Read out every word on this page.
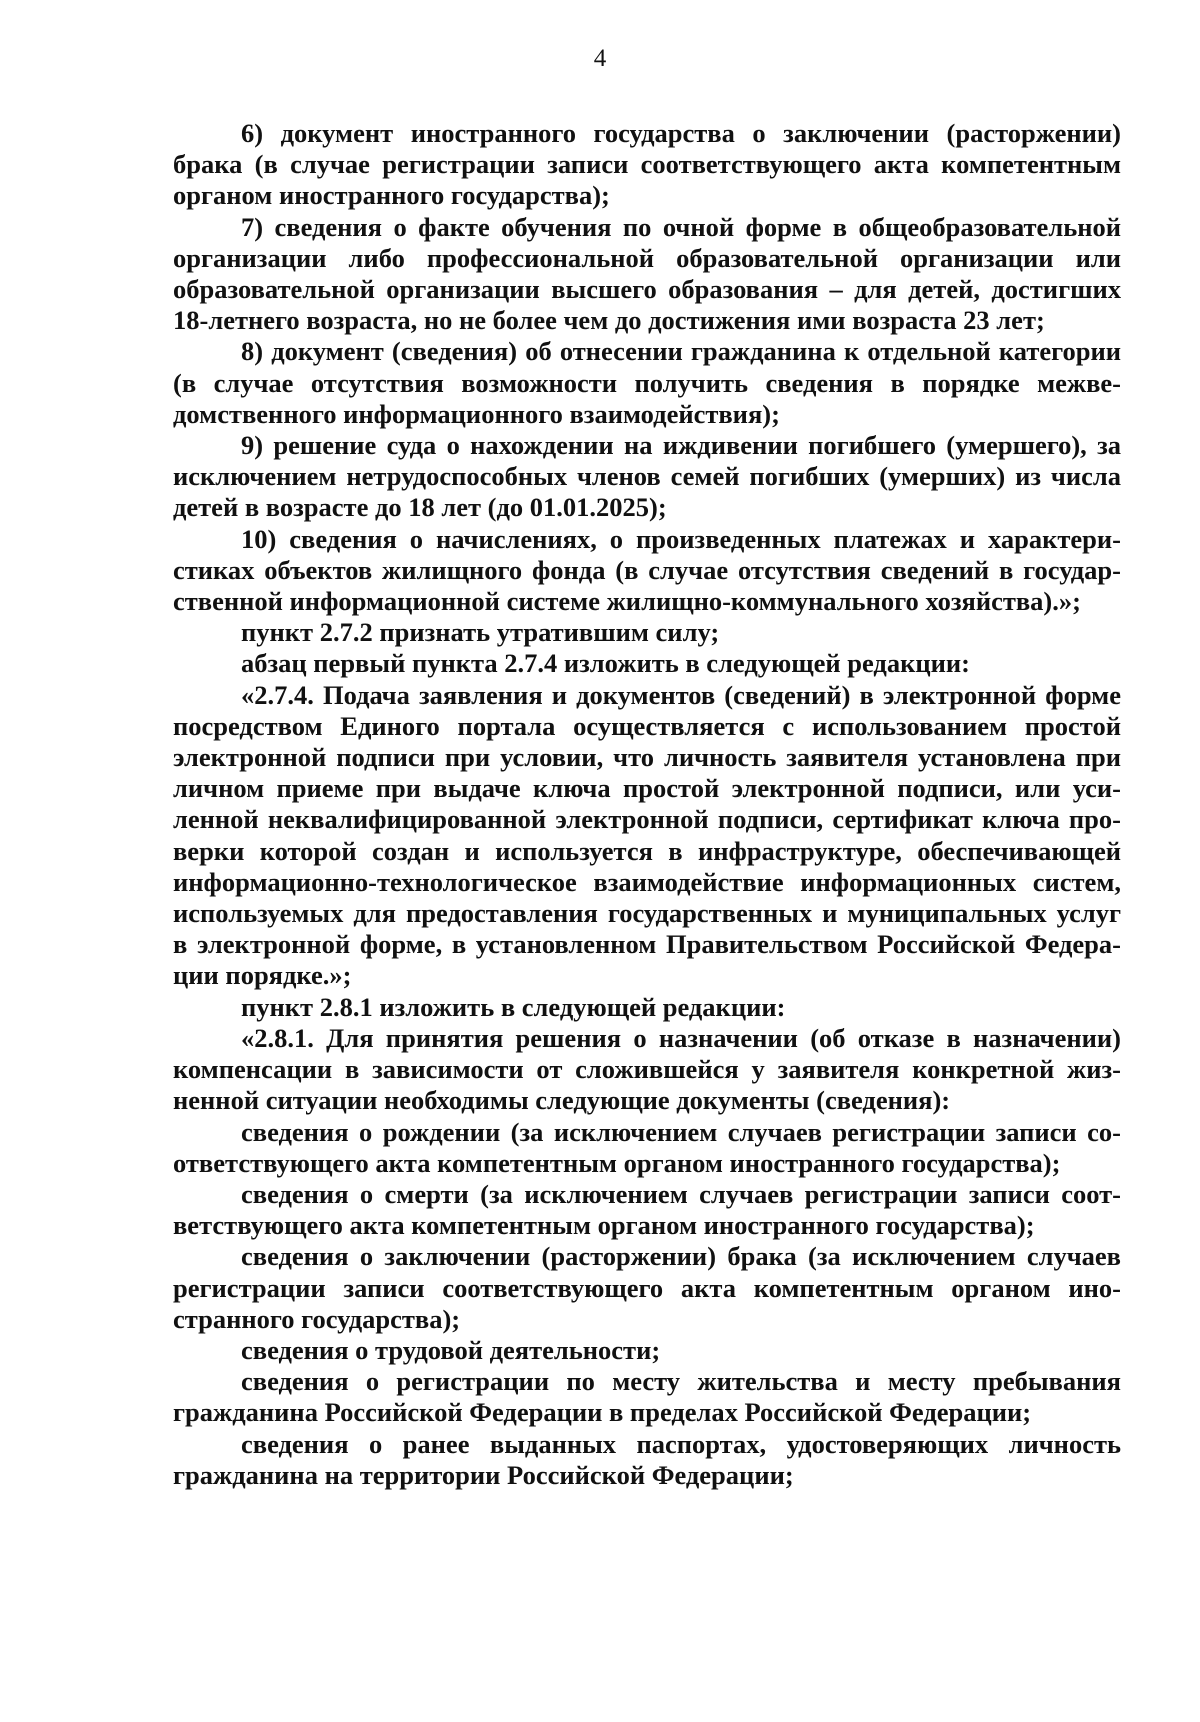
4

6) документ иностранного государства о заключении (расторжении) брака (в случае регистрации записи соответствующего акта компетентным органом иностранного государства);

7) сведения о факте обучения по очной форме в общеобразовательной организации либо профессиональной образовательной организации или образовательной организации высшего образования – для детей, достигших 18-летнего возраста, но не более чем до достижения ими возраста 23 лет;

8) документ (сведения) об отнесении гражданина к отдельной категории (в случае отсутствия возможности получить сведения в порядке межведомственного информационного взаимодействия);

9) решение суда о нахождении на иждивении погибшего (умершего), за исключением нетрудоспособных членов семей погибших (умерших) из числа детей в возрасте до 18 лет (до 01.01.2025);

10) сведения о начислениях, о произведенных платежах и характеристиках объектов жилищного фонда (в случае отсутствия сведений в государственной информационной системе жилищно-коммунального хозяйства).»;

пункт 2.7.2 признать утратившим силу;

абзац первый пункта 2.7.4 изложить в следующей редакции:

«2.7.4. Подача заявления и документов (сведений) в электронной форме посредством Единого портала осуществляется с использованием простой электронной подписи при условии, что личность заявителя установлена при личном приеме при выдаче ключа простой электронной подписи, или усиленной неквалифицированной электронной подписи, сертификат ключа проверки которой создан и используется в инфраструктуре, обеспечивающей информационно-технологическое взаимодействие информационных систем, используемых для предоставления государственных и муниципальных услуг в электронной форме, в установленном Правительством Российской Федерации порядке.»;

пункт 2.8.1 изложить в следующей редакции:

«2.8.1. Для принятия решения о назначении (об отказе в назначении) компенсации в зависимости от сложившейся у заявителя конкретной жизненной ситуации необходимы следующие документы (сведения):

сведения о рождении (за исключением случаев регистрации записи соответствующего акта компетентным органом иностранного государства);

сведения о смерти (за исключением случаев регистрации записи соответствующего акта компетентным органом иностранного государства);

сведения о заключении (расторжении) брака (за исключением случаев регистрации записи соответствующего акта компетентным органом иностранного государства);

сведения о трудовой деятельности;

сведения о регистрации по месту жительства и месту пребывания гражданина Российской Федерации в пределах Российской Федерации;

сведения о ранее выданных паспортах, удостоверяющих личность гражданина на территории Российской Федерации;
